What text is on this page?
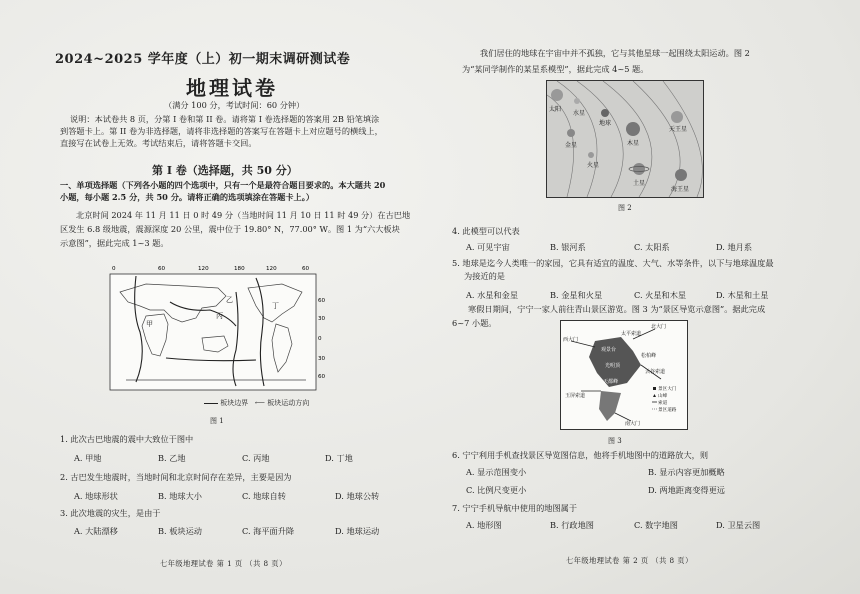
2024~2025 学年度（上）初一期末调研测试卷
地理试卷
（满分 100 分，考试时间：60 分钟）
说明：本试卷共 8 页，分第 I 卷和第 II 卷。请将第 I 卷选择题的答案用 2B 铅笔填涂
到答题卡上。第 II 卷为非选择题，请将非选择题的答案写在答题卡上对应题号的横线上，
直接写在试卷上无效。考试结束后，请将答题卡交回。
第 I 卷（选择题，共 50 分）
一、单项选择题（下列各小题的四个选项中，只有一个是最符合题目要求的。本大题共 20
小题，每小题 2.5 分，共 50 分。请将正确的选项填涂在答题卡上。）
北京时间 2024 年 11 月 11 日 0 时 49 分（当地时间 11 月 10 日 11 时 49 分）在古巴地
区发生 6.8 级地震，震源深度 20 公里，震中位于 19.80° N，77.00° W。图 1 为“六大板块
示意图”，据此完成 1~3 题。
0	60	120	180	120	60
60
30
0
30
60
甲
乙
丙
丁
板块边界 ⟵ 板块运动方向
图 1
1. 此次古巴地震的震中大致位于图中
A. 甲地	B. 乙地	C. 丙地	D. 丁地
2. 古巴发生地震时，当地时间和北京时间存在差异，主要是因为
A. 地球形状	B. 地球大小	C. 地球自转	D. 地球公转
3. 此次地震的灾生，是由于
A. 大陆漂移	B. 板块运动	C. 海平面升降	D. 地球运动
七年级地理试卷 第 1 页 （共 8 页）
我们居住的地球在宇宙中并不孤独，它与其他星球一起围绕太阳运动。图 2
为“某同学制作的某星系模型”，据此完成 4~5 题。
太阳
水星
金星
地球
火星
木星
土星
天王星
海王星
图 2
4. 此模型可以代表
A. 可见宇宙	B. 银河系	C. 太阳系	D. 地月系
5. 地球是迄今人类唯一的家园，它具有适宜的温度、大气、水等条件，以下与地球温度最
为接近的是
A. 水星和金星	B. 金星和火星	C. 火星和木星	D. 木星和土星
寒假日期间，宁宁一家人前往青山景区游览。图 3 为“景区导览示意图”。据此完成
6~7 小题。	北大门
西大门
太平索道
观景台
松柏峰
玉屏索道
天都峰
光明顶
云谷索道
南大门
景区大门
山峰
索道
景区道路
图 3
6. 宁宁利用手机查找景区导览图信息，他将手机地图中的道路放大，则
A. 显示范围变小	B. 显示内容更加概略
C. 比例尺变更小	D. 两地距离变得更远
7. 宁宁手机导航中使用的地图属于
A. 地形图	B. 行政地图	C. 数字地图	D. 卫星云图
七年级地理试卷 第 2 页 （共 8 页）
